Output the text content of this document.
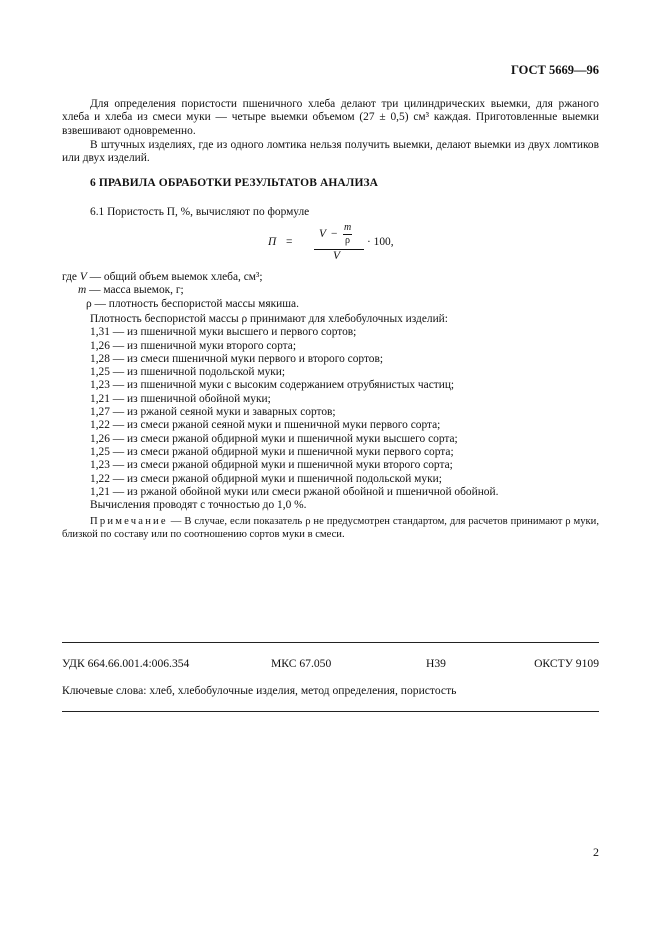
ГОСТ 5669—96

Для определения пористости пшеничного хлеба делают три цилиндрических выемки, для ржаного хлеба и хлеба из смеси муки — четыре выемки объемом (27 ± 0,5) см³ каждая. Приготовленные выемки взвешивают одновременно.

В штучных изделиях, где из одного ломтика нельзя получить выемки, делают выемки из двух ломтиков или двух изделий.

6 ПРАВИЛА ОБРАБОТКИ РЕЗУЛЬТАТОВ АНАЛИЗА
6.1 Пористость П, %, вычисляют по формуле
П =
V −
m
ρ
V
· 100,
где V — общий объем выемок хлеба, см³;
m — масса выемок, г;
ρ — плотность беспористой массы мякиша.
Плотность беспористой массы ρ принимают для хлебобулочных изделий:
1,31 — из пшеничной муки высшего и первого сортов;
1,26 — из пшеничной муки второго сорта;
1,28 — из смеси пшеничной муки первого и второго сортов;
1,25 — из пшеничной подольской муки;
1,23 — из пшеничной муки с высоким содержанием отрубянистых частиц;
1,21 — из пшеничной обойной муки;
1,27 — из ржаной сеяной муки и заварных сортов;
1,22 — из смеси ржаной сеяной муки и пшеничной муки первого сорта;
1,26 — из смеси ржаной обдирной муки и пшеничной муки высшего сорта;
1,25 — из смеси ржаной обдирной муки и пшеничной муки первого сорта;
1,23 — из смеси ржаной обдирной муки и пшеничной муки второго сорта;
1,22 — из смеси ржаной обдирной муки и пшеничной подольской муки;
1,21 — из ржаной обойной муки или смеси ржаной обойной и пшеничной обойной.
Вычисления проводят с точностью до 1,0 %.
Примечание — В случае, если показатель ρ не предусмотрен стандартом, для расчетов принимают ρ муки, близкой по составу или по соотношению сортов муки в смеси.
УДК 664.66.001.4:006.354	МКС 67.050	Н39	ОКСТУ 9109
Ключевые слова: хлеб, хлебобулочные изделия, метод определения, пористость
2
